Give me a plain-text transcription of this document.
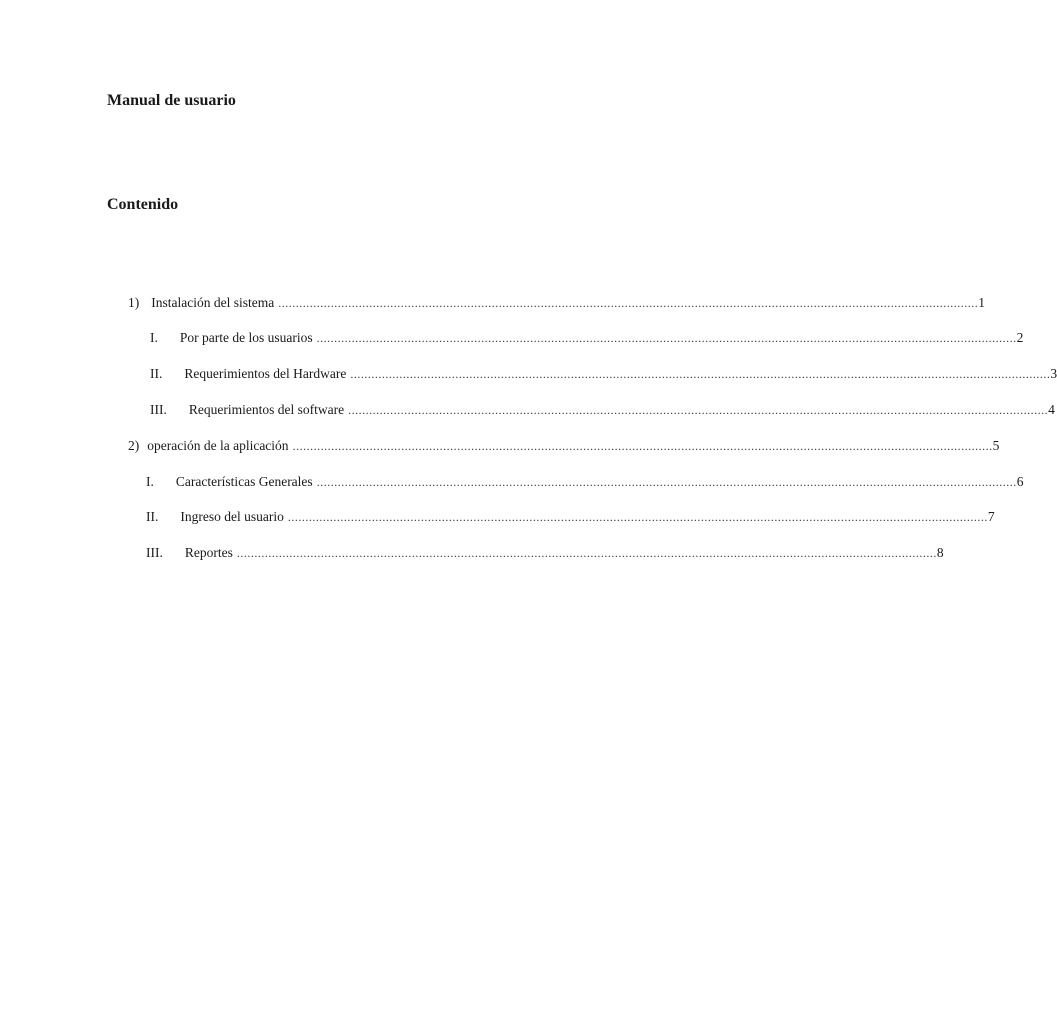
Manual de usuario
Contenido
1) Instalación del sistema ........................................................................................................................................................................................................ 1
I. Por parte de los usuarios ........................................................................................................................................................................................................ 2
II. Requerimientos del Hardware ........................................................................................................................................................................................................ 3
III. Requerimientos del software ........................................................................................................................................................................................................ 4
2) operación de la aplicación ........................................................................................................................................................................................................ 5
I. Características Generales ........................................................................................................................................................................................................ 6
II. Ingreso del usuario ........................................................................................................................................................................................................ 7
III. Reportes ........................................................................................................................................................................................................ 8
